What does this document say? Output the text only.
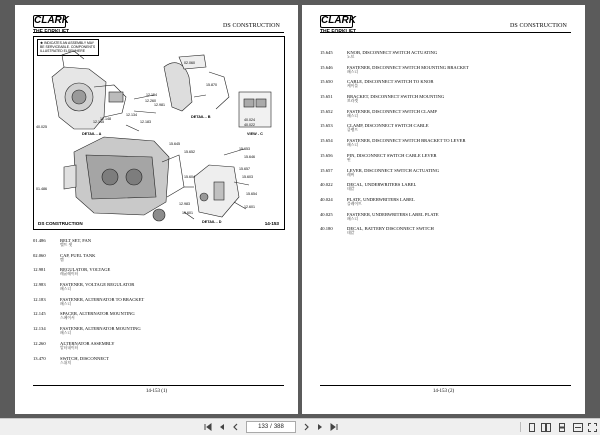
CLARK
THE FORKLIFT
DS CONSTRUCTION
★ INDICATES AN ASSEMBLY MAY BE SERVICEABLE. COMPONENTS ILLUSTRATED ELSEWHERE
DETAIL - A
DETAIL - B
VIEW - C
DETAIL - D
12.981
12.154
12.260
12.134
12.148
12.145	12.183
40.025
01.486
02.060
15.645
15.652
15.653
15.646
15.657
15.654
12.983
15.601
15.604	15.603
12.601
40.024
40.022
15.870
DS CONSTRUCTION	14-153
01.486	BELT SET, FAN
벨트 셋
02.060	CAP, FUEL TANK
캡
12.981	REGULATOR, VOLTAGE
레귤레이터
12.983	FASTENER, VOLTAGE REGULATOR
패스너
12.183	FASTENER, ALTERNATOR TO BRACKET
패스너
12.145	SPACER, ALTERNATOR MOUNTING
스페이서
12.134	FASTENER, ALTERNATOR MOUNTING
패스너
12.260	ALTERNATOR ASSEMBLY
알터네이터
13.470	SWITCH, DISCONNECT
스위치
14-153 (1)
CLARK
THE FORKLIFT
DS CONSTRUCTION
15.645	KNOB, DISCONNECT SWITCH ACTUATING
노브
15.646	FASTENER, DISCONNECT SWITCH MOUNTING BRACKET
패스너
15.650	CABLE, DISCONNECT SWITCH TO KNOB
케이블
15.651	BRACKET, DISCONNECT SWITCH MOUNTING
브라켓
15.652	FASTENER, DISCONNECT SWITCH CLAMP
패스너
15.653	CLAMP, DISCONNECT SWITCH CABLE
클램프
15.654	FASTENER, DISCONNECT SWITCH BRACKET TO LEVER
패스너
15.656	PIN, DISCONNECT SWITCH CABLE LEVER
핀
15.657	LEVER, DISCONNECT SWITCH ACTUATING
레버
40.022	DECAL, UNDERWRITERS LABEL
데칼
40.024	PLATE, UNDERWRITERS LABEL
플레이트
40.025	FASTENER, UNDERWRITERS LABEL PLATE
패스너
40.180	DECAL, BATTERY DISCONNECT SWITCH
데칼
14-153 (2)
133 / 388
